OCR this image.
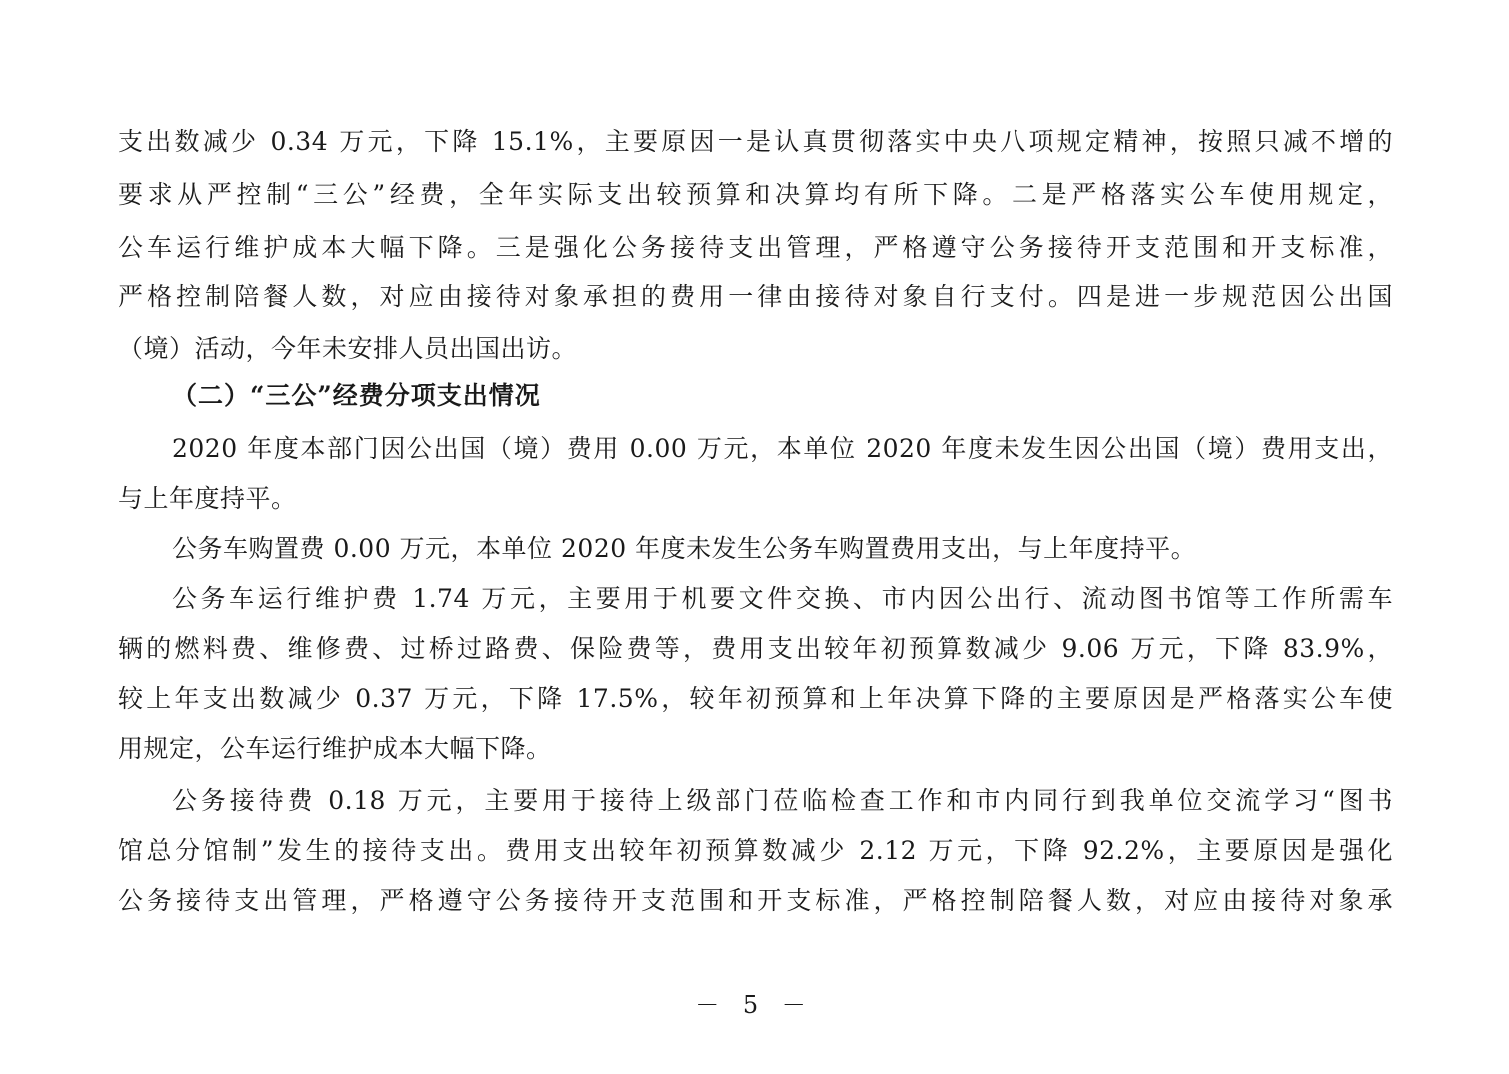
支出数减少 0.34 万元，下降 15.1%，主要原因一是认真贯彻落实中央八项规定精神，按照只减不增的
要求从严控制“三公”经费，全年实际支出较预算和决算均有所下降。二是严格落实公车使用规定，
公车运行维护成本大幅下降。三是强化公务接待支出管理，严格遵守公务接待开支范围和开支标准，
严格控制陪餐人数，对应由接待对象承担的费用一律由接待对象自行支付。四是进一步规范因公出国
（境）活动，今年未安排人员出国出访。
（二）“三公”经费分项支出情况
2020 年度本部门因公出国（境）费用 0.00 万元，本单位 2020 年度未发生因公出国（境）费用支出，
与上年度持平。
公务车购置费 0.00 万元，本单位 2020 年度未发生公务车购置费用支出，与上年度持平。
公务车运行维护费 1.74 万元，主要用于机要文件交换、市内因公出行、流动图书馆等工作所需车
辆的燃料费、维修费、过桥过路费、保险费等，费用支出较年初预算数减少 9.06 万元，下降 83.9%，
较上年支出数减少 0.37 万元，下降 17.5%，较年初预算和上年决算下降的主要原因是严格落实公车使
用规定，公车运行维护成本大幅下降。
公务接待费 0.18 万元，主要用于接待上级部门莅临检查工作和市内同行到我单位交流学习“图书
馆总分馆制”发生的接待支出。费用支出较年初预算数减少 2.12 万元，下降 92.2%，主要原因是强化
公务接待支出管理，严格遵守公务接待开支范围和开支标准，严格控制陪餐人数，对应由接待对象承
－ 5 －
